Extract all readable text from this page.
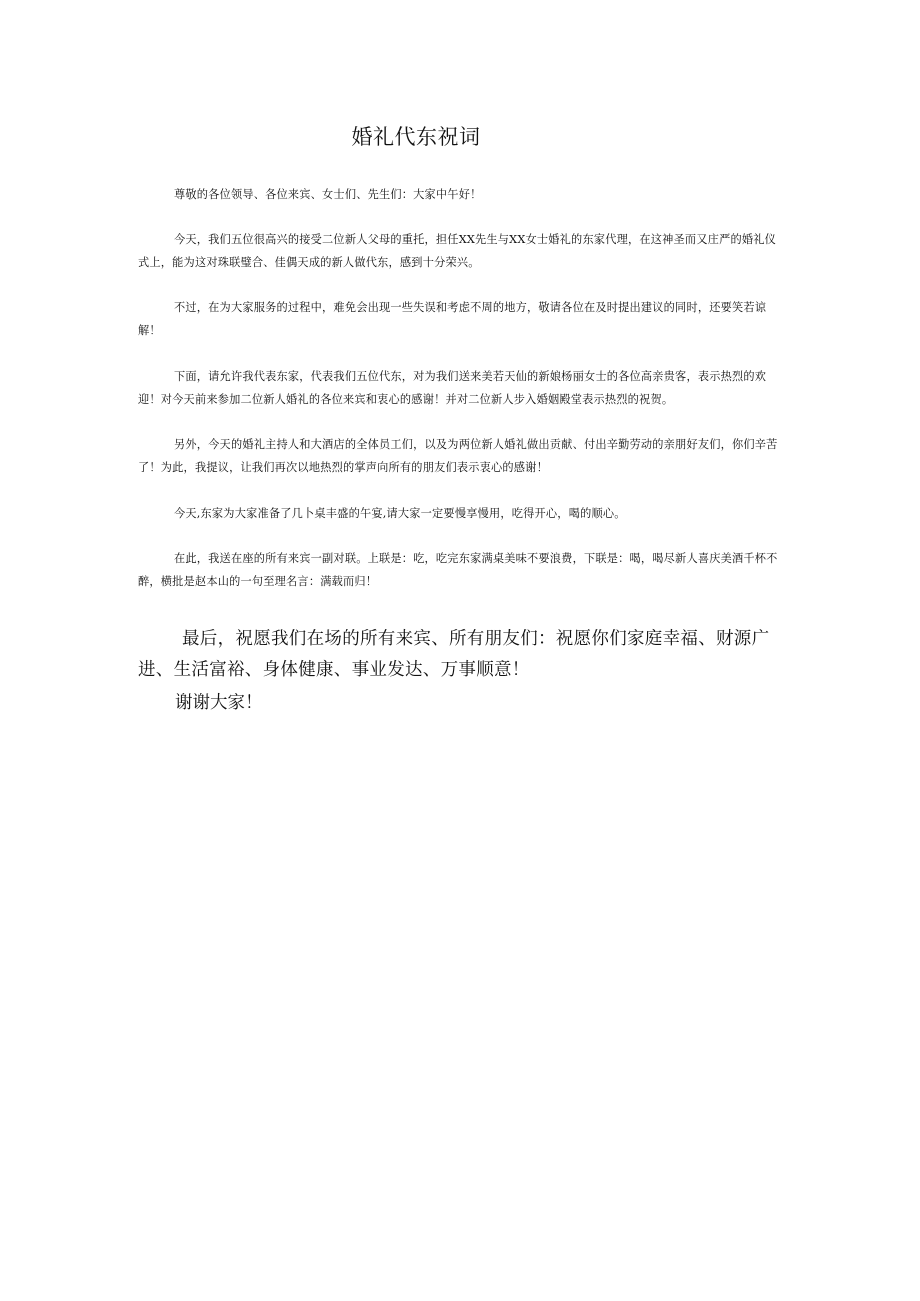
婚礼代东祝词

尊敬的各位领导、各位来宾、女士们、先生们：大家中午好！

今天，我们五位很高兴的接受二位新人父母的重托，担任XX先生与XX女士婚礼的东家代理，在这神圣而又庄严的婚礼仪式上，能为这对珠联璧合、佳偶天成的新人做代东，感到十分荣兴。

不过，在为大家服务的过程中，难免会出现一些失误和考虑不周的地方，敬请各位在及时提出建议的同时，还要笑若谅解！

下面，请允许我代表东家，代表我们五位代东，对为我们送来美若天仙的新娘杨丽女士的各位高亲贵客，表示热烈的欢迎！对今天前来参加二位新人婚礼的各位来宾和衷心的感谢！并对二位新人步入婚姻殿堂表示热烈的祝贺。

另外，今天的婚礼主持人和大酒店的全体员工们，以及为两位新人婚礼做出贡献、付出辛勤劳动的亲朋好友们，你们辛苦了！为此，我提议，让我们再次以地热烈的掌声向所有的朋友们表示衷心的感谢！

今天,东家为大家准备了几卜桌丰盛的午宴,请大家一定要慢享慢用，吃得开心，喝的顺心。

在此，我送在座的所有来宾一副对联。上联是：吃，吃完东家满桌美味不要浪费，下联是：喝，喝尽新人喜庆美酒千杯不醉，横批是赵本山的一句至理名言：满载而归！

最后，祝愿我们在场的所有来宾、所有朋友们：祝愿你们家庭幸福、财源广进、生活富裕、身体健康、事业发达、万事顺意！

谢谢大家！
